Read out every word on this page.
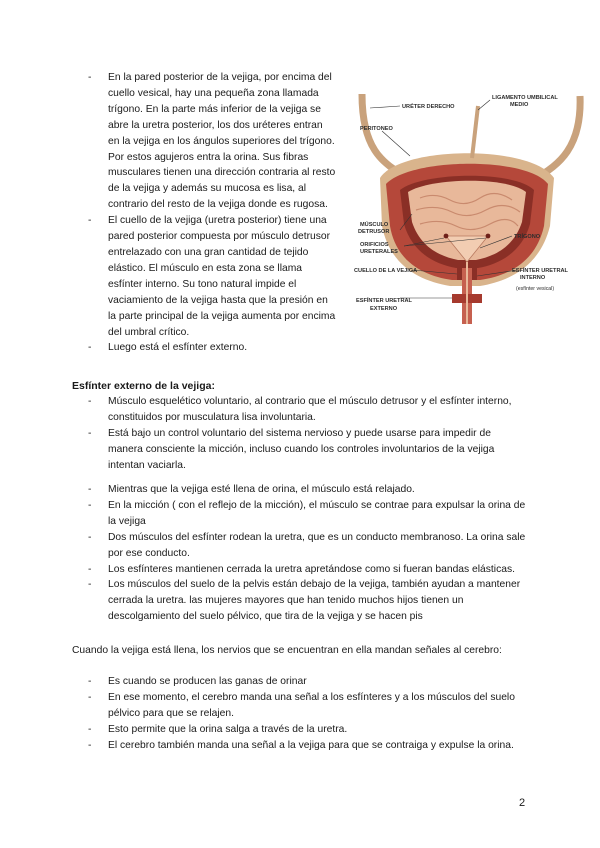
- En la pared posterior de la vejiga, por encima del cuello vesical, hay una pequeña zona llamada trígono. En la parte más inferior de la vejiga se abre la uretra posterior, los dos uréteres entran en la vejiga en los ángulos superiores del trígono. Por estos agujeros entra la orina. Sus fibras musculares tienen una dirección contraria al resto de la vejiga y además su mucosa es lisa, al contrario del resto de la vejiga donde es rugosa.
- El cuello de la vejiga (uretra posterior) tiene una pared posterior compuesta por músculo detrusor entrelazado con una gran cantidad de tejido elástico. El músculo en esta zona se llama esfínter interno. Su tono natural impide el vaciamiento de la vejiga hasta que la presión en la parte principal de la vejiga aumenta por encima del umbral crítico.
- Luego está el esfínter externo.
URÉTER DERECHO
LIGAMENTO UMBILICAL
MEDIO
PERITONEO
MÚSCULO
DETRUSOR
ORIFICIOS
URETERALES
TRÍGONO
CUELLO DE LA VEJIGA	ESFÍNTER URETRAL
INTERNO
(esfínter vesical)
ESFÍNTER URETRAL
EXTERNO
Esfínter externo de la vejiga:
- Músculo esquelético voluntario, al contrario que el músculo detrusor y el esfínter interno, constituidos por musculatura lisa involuntaria.
- Está bajo un control voluntario del sistema nervioso y puede usarse para impedir de manera consciente la micción, incluso cuando los controles involuntarios de la vejiga intentan vaciarla.
- Mientras que la vejiga esté llena de orina, el músculo está relajado.
- En la micción ( con el reflejo de la micción), el músculo se contrae para expulsar la orina de la vejiga
- Dos músculos del esfínter rodean la uretra, que es un conducto membranoso. La orina sale por ese conducto.
- Los esfínteres mantienen cerrada la uretra apretándose como si fueran bandas elásticas.
- Los músculos del suelo de la pelvis están debajo de la vejiga, también ayudan a mantener cerrada la uretra. las mujeres mayores que han tenido muchos hijos tienen un descolgamiento del suelo pélvico, que tira de la vejiga y se hacen pis

Cuando la vejiga está llena, los nervios que se encuentran en ella mandan señales al cerebro:

- Es cuando se producen las ganas de orinar
- En ese momento, el cerebro manda una señal a los esfínteres y a los músculos del suelo pélvico para que se relajen.
- Esto permite que la orina salga a través de la uretra.
- El cerebro también manda una señal a la vejiga para que se contraiga y expulse la orina.
2
